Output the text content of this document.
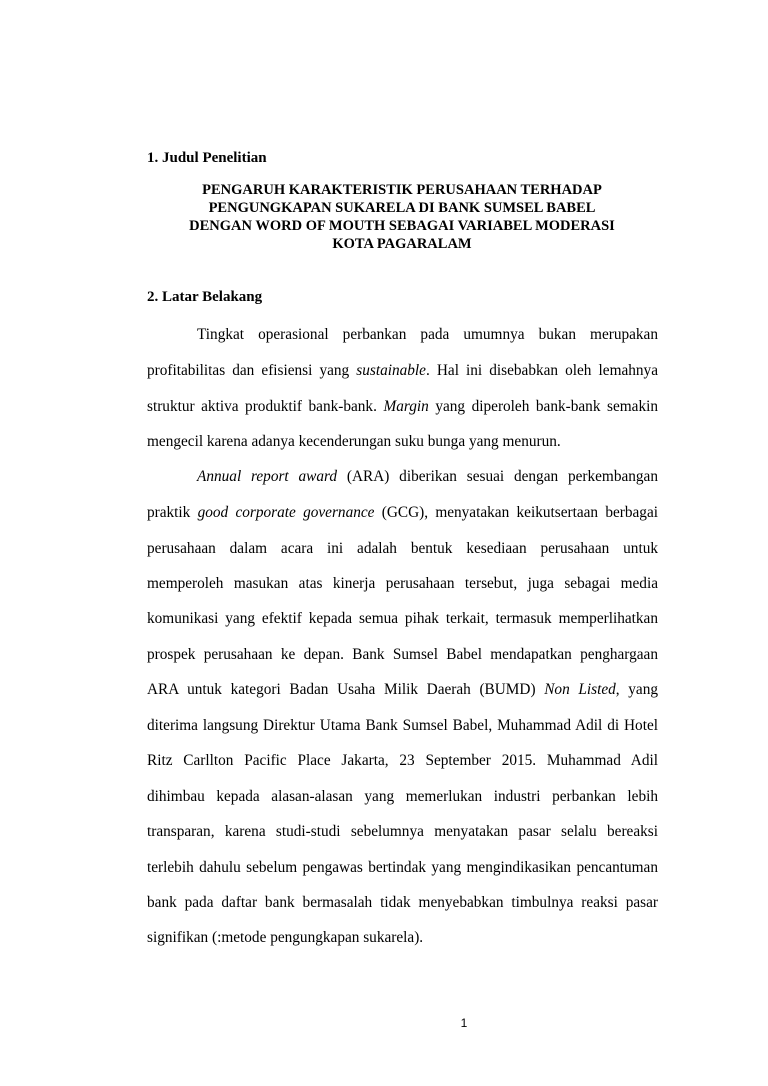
1. Judul Penelitian
PENGARUH KARAKTERISTIK PERUSAHAAN TERHADAP
PENGUNGKAPAN SUKARELA DI BANK SUMSEL BABEL
DENGAN WORD OF MOUTH SEBAGAI VARIABEL MODERASI
KOTA PAGARALAM
2. Latar Belakang
Tingkat operasional perbankan pada umumnya bukan merupakan
profitabilitas dan efisiensi yang sustainable. Hal ini disebabkan oleh lemahnya
struktur aktiva produktif bank-bank. Margin yang diperoleh bank-bank semakin
mengecil karena adanya kecenderungan suku bunga yang menurun.
Annual report award (ARA) diberikan sesuai dengan perkembangan
praktik good corporate governance (GCG), menyatakan keikutsertaan berbagai
perusahaan dalam acara ini adalah bentuk kesediaan perusahaan untuk
memperoleh masukan atas kinerja perusahaan tersebut, juga sebagai media
komunikasi yang efektif kepada semua pihak terkait, termasuk memperlihatkan
prospek perusahaan ke depan. Bank Sumsel Babel mendapatkan penghargaan
ARA untuk kategori Badan Usaha Milik Daerah (BUMD) Non Listed, yang
diterima langsung Direktur Utama Bank Sumsel Babel, Muhammad Adil di Hotel
Ritz Carllton Pacific Place Jakarta, 23 September 2015. Muhammad Adil
dihimbau kepada alasan-alasan yang memerlukan industri perbankan lebih
transparan, karena studi-studi sebelumnya menyatakan pasar selalu bereaksi
terlebih dahulu sebelum pengawas bertindak yang mengindikasikan pencantuman
bank pada daftar bank bermasalah tidak menyebabkan timbulnya reaksi pasar
signifikan (:metode pengungkapan sukarela).
1
